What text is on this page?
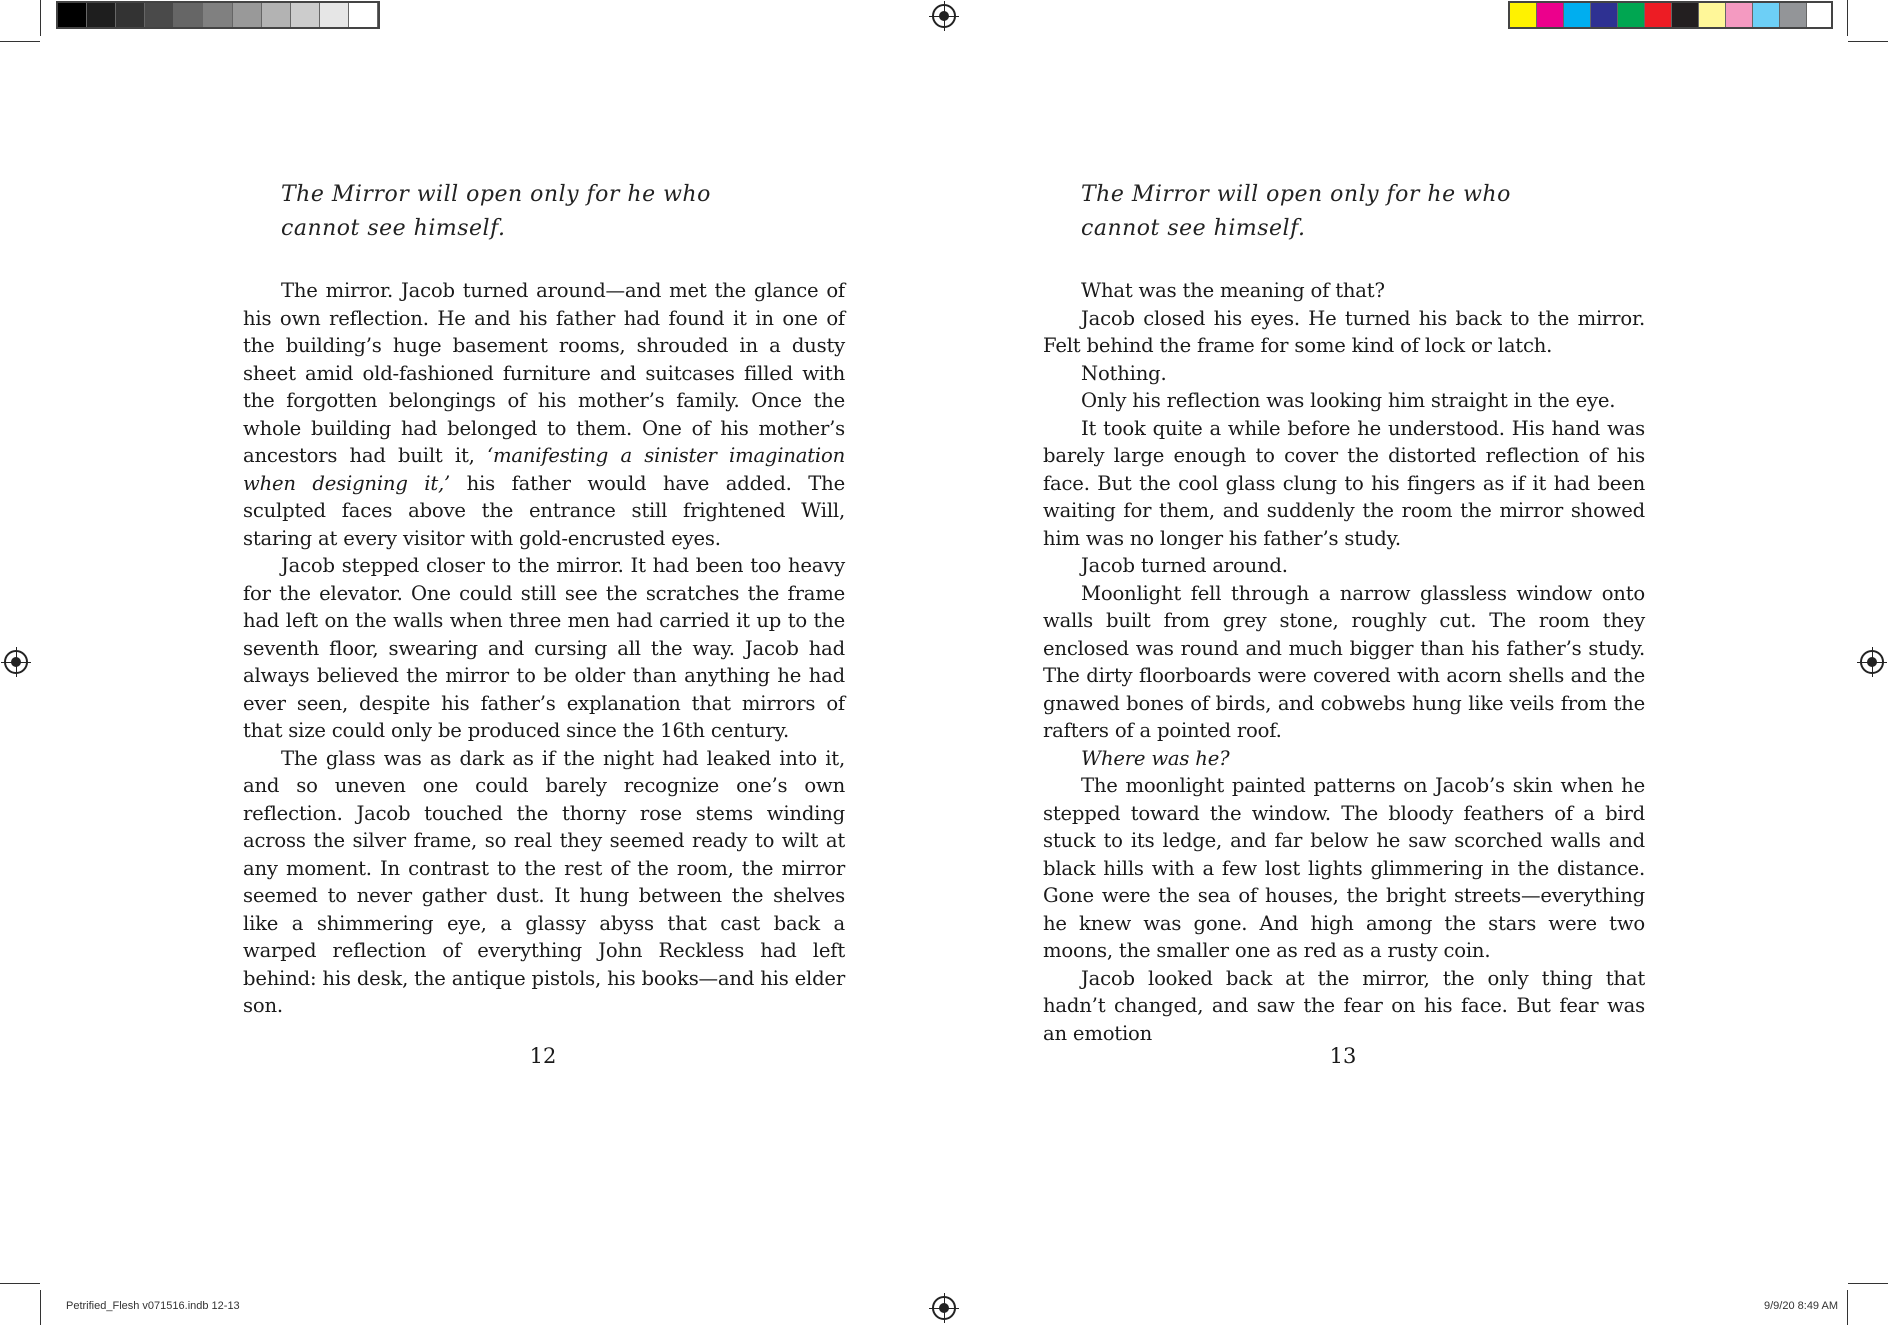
The Mirror will open only for he who cannot see himself.

The mirror. Jacob turned around—and met the glance of his own reflection. He and his father had found it in one of the building’s huge basement rooms, shrouded in a dusty sheet amid old-fashioned furniture and suitcases filled with the forgotten belongings of his mother’s family. Once the whole building had belonged to them. One of his mother’s ancestors had built it, ‘manifesting a sinister imagination when designing it,’ his father would have added. The sculpted faces above the entrance still frightened Will, staring at every visitor with gold-encrusted eyes.

Jacob stepped closer to the mirror. It had been too heavy for the elevator. One could still see the scratches the frame had left on the walls when three men had carried it up to the seventh floor, swearing and cursing all the way. Jacob had always believed the mirror to be older than anything he had ever seen, despite his father’s explanation that mirrors of that size could only be produced since the 16th century.

The glass was as dark as if the night had leaked into it, and so uneven one could barely recognize one’s own reflection. Jacob touched the thorny rose stems winding across the silver frame, so real they seemed ready to wilt at any moment. In contrast to the rest of the room, the mirror seemed to never gather dust. It hung between the shelves like a shimmering eye, a glassy abyss that cast back a warped reflection of everything John Reckless had left behind: his desk, the antique pistols, his books—and his elder son.

12
The Mirror will open only for he who cannot see himself.

What was the meaning of that?

Jacob closed his eyes. He turned his back to the mirror. Felt behind the frame for some kind of lock or latch.

Nothing.

Only his reflection was looking him straight in the eye.

It took quite a while before he understood. His hand was barely large enough to cover the distorted reflection of his face. But the cool glass clung to his fingers as if it had been waiting for them, and suddenly the room the mirror showed him was no longer his father’s study.

Jacob turned around.

Moonlight fell through a narrow glassless window onto walls built from grey stone, roughly cut. The room they enclosed was round and much bigger than his father’s study. The dirty floorboards were covered with acorn shells and the gnawed bones of birds, and cobwebs hung like veils from the rafters of a pointed roof.

Where was he?

The moonlight painted patterns on Jacob’s skin when he stepped toward the window. The bloody feathers of a bird stuck to its ledge, and far below he saw scorched walls and black hills with a few lost lights glimmering in the distance. Gone were the sea of houses, the bright streets—everything he knew was gone. And high among the stars were two moons, the smaller one as red as a rusty coin.

Jacob looked back at the mirror, the only thing that hadn’t changed, and saw the fear on his face. But fear was an emotion

13
Petrified_Flesh v071516.indb 12-13	9/9/20 8:49 AM
